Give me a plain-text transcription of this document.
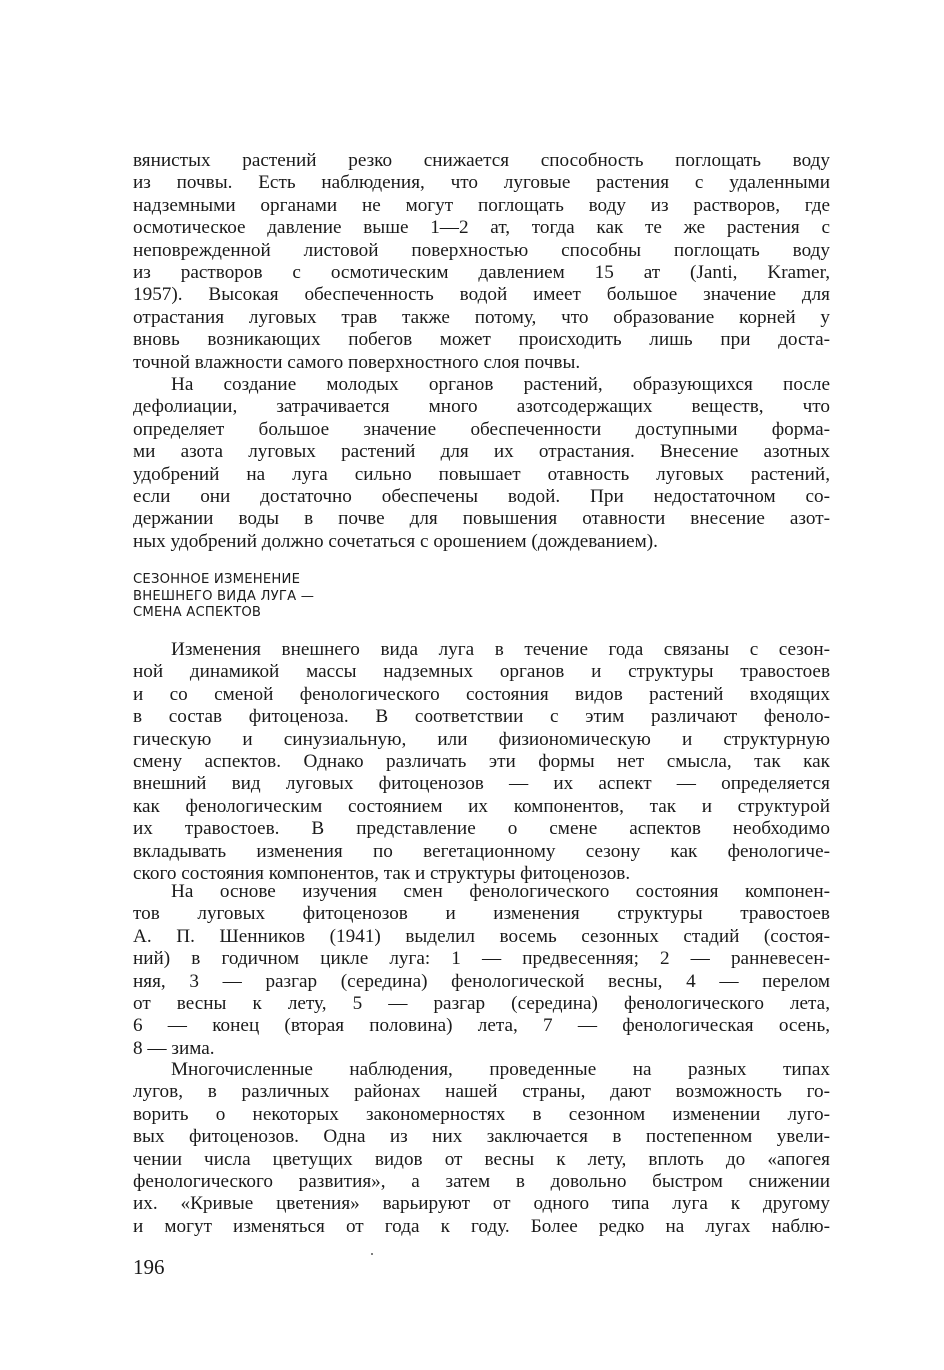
вянистых растений резко снижается способность поглощать воду
из почвы. Есть наблюдения, что луговые растения с удаленными
надземными органами не могут поглощать воду из растворов, где
осмотическое давление выше 1—2 ат, тогда как те же растения с
неповрежденной листовой поверхностью способны поглощать воду
из растворов с осмотическим давлением 15 ат (Janti, Kramer,
1957). Высокая обеспеченность водой имеет большое значение для
отрастания луговых трав также потому, что образование корней у
вновь возникающих побегов может происходить лишь при доста-
точной влажности самого поверхностного слоя почвы.
На создание молодых органов растений, образующихся после
дефолиации, затрачивается много азотсодержащих веществ, что
определяет большое значение обеспеченности доступными форма-
ми азота луговых растений для их отрастания. Внесение азотных
удобрений на луга сильно повышает отавность луговых растений,
если они достаточно обеспечены водой. При недостаточном со-
держании воды в почве для повышения отавности внесение азот-
ных удобрений должно сочетаться с орошением (дождеванием).
СЕЗОННОЕ ИЗМЕНЕНИЕ
ВНЕШНЕГО ВИДА ЛУГА —
СМЕНА АСПЕКТОВ
Изменения внешнего вида луга в течение года связаны с сезон-
ной динамикой массы надземных органов и структуры травостоев
и со сменой фенологического состояния видов растений входящих
в состав фитоценоза. В соответствии с этим различают феноло-
гическую и синузиальную, или физиономическую и структурную
смену аспектов. Однако различать эти формы нет смысла, так как
внешний вид луговых фитоценозов — их аспект — определяется
как фенологическим состоянием их компонентов, так и структурой
их травостоев. В представление о смене аспектов необходимо
вкладывать изменения по вегетационному сезону как фенологиче-
ского состояния компонентов, так и структуры фитоценозов.
На основе изучения смен фенологического состояния компонен-
тов луговых фитоценозов и изменения структуры травостоев
А. П. Шенников (1941) выделил восемь сезонных стадий (состоя-
ний) в годичном цикле луга: 1 — предвесенняя; 2 — ранневесен-
няя, 3 — разгар (середина) фенологической весны, 4 — перелом
от весны к лету, 5 — разгар (середина) фенологического лета,
6 — конец (вторая половина) лета, 7 — фенологическая осень,
8 — зима.
Многочисленные наблюдения, проведенные на разных типах
лугов, в различных районах нашей страны, дают возможность го-
ворить о некоторых закономерностях в сезонном изменении луго-
вых фитоценозов. Одна из них заключается в постепенном увели-
чении числа цветущих видов от весны к лету, вплоть до «апогея
фенологического развития», а затем в довольно быстром снижении
их. «Кривые цветения» варьируют от одного типа луга к другому
и могут изменяться от года к году. Более редко на лугах наблю-
196
